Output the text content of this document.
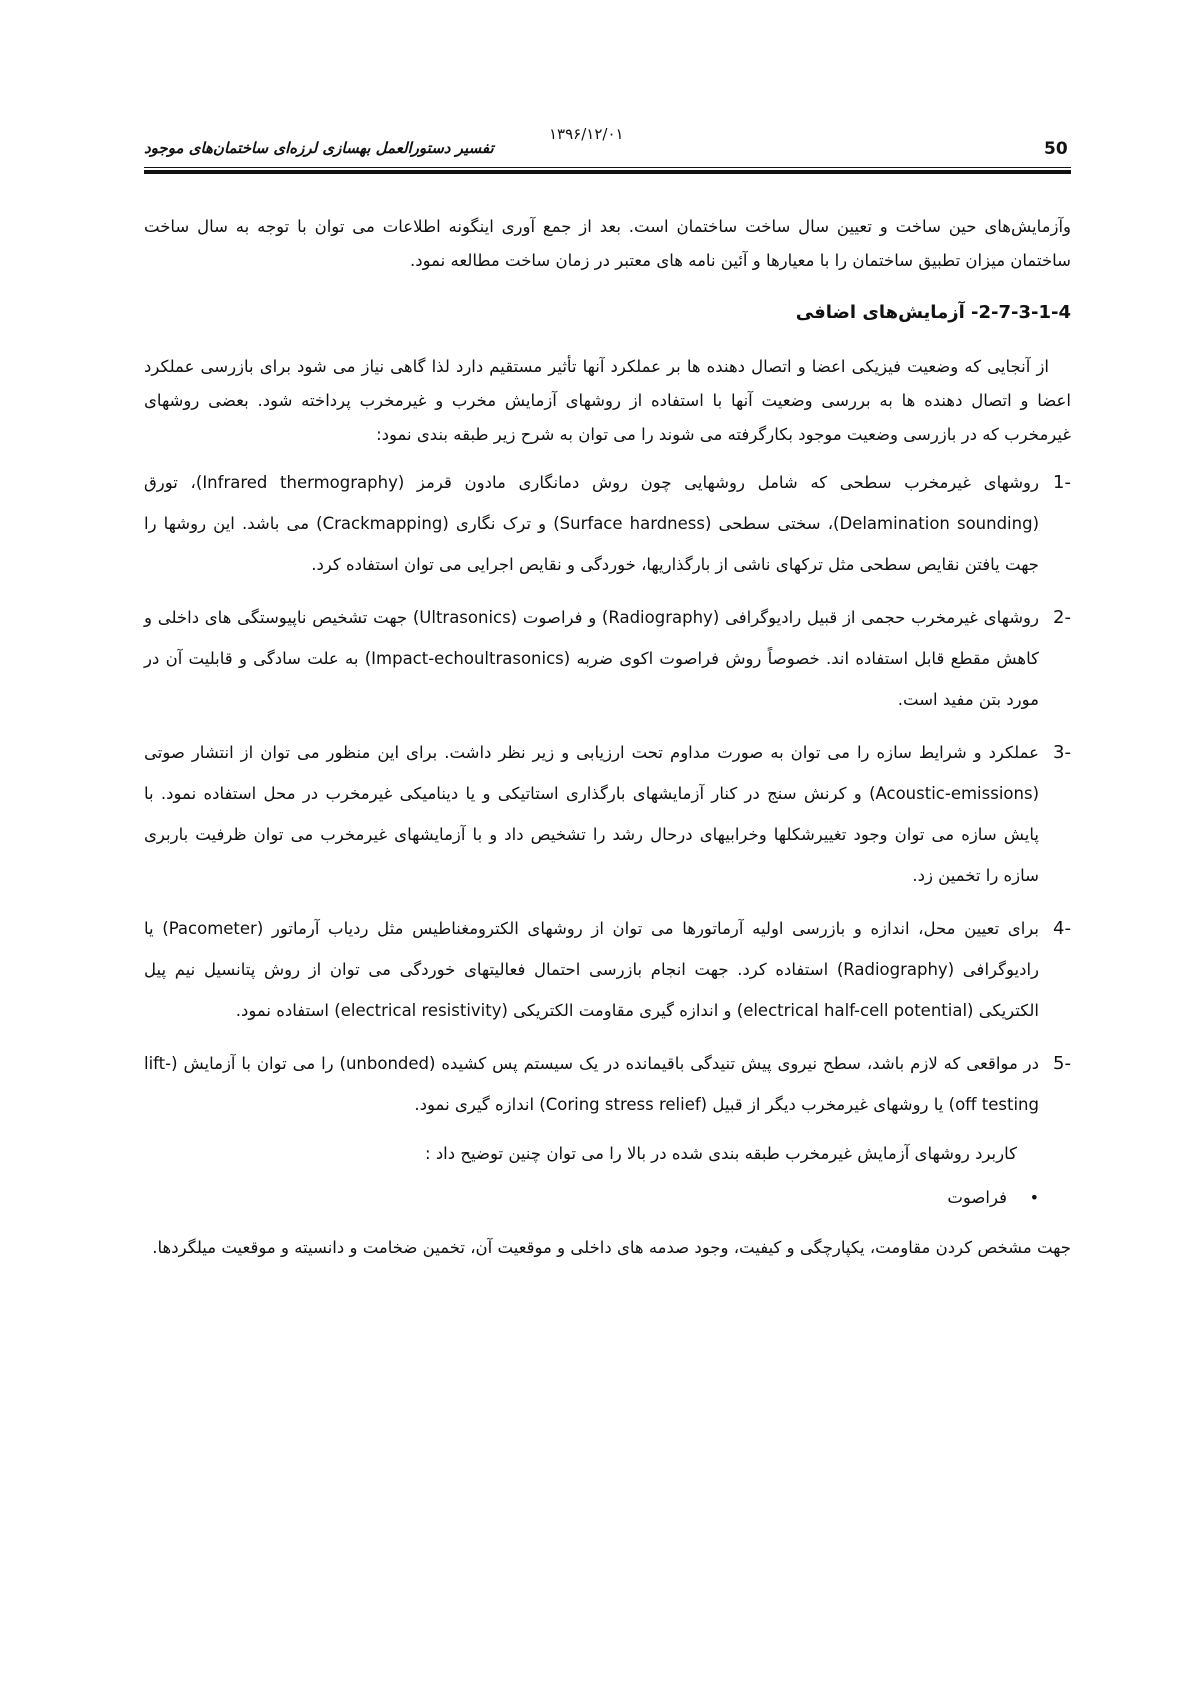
50
۱۳۹۶/۱۲/۰۱
تفسیر دستورالعمل بهسازی لرزه‌ای ساختمان‌های موجود

وآزمایش‌های حین ساخت و تعیین سال ساخت ساختمان است. بعد از جمع آوری اینگونه اطلاعات می توان با توجه به سال ساخت ساختمان میزان تطبیق ساختمان را با معیارها و آئین نامه های معتبر در زمان ساخت مطالعه نمود.

2-7-3-1-4- آزمایش‌های اضافی

از آنجایی که وضعیت فیزیکی اعضا و اتصال دهنده ها بر عملکرد آنها تأثیر مستقیم دارد لذا گاهی نیاز می شود برای بازرسی عملکرد اعضا و اتصال دهنده ها به بررسی وضعیت آنها با استفاده از روشهای آزمایش مخرب و غیرمخرب پرداخته شود. بعضی روشهای غیرمخرب که در بازرسی وضعیت موجود بکارگرفته می شوند را می توان به شرح زیر طبقه بندی نمود:

1-
روشهای غیرمخرب سطحی که شامل روشهایی چون روش دمانگاری مادون قرمز (Infrared thermography)، تورق (Delamination sounding)، سختی سطحی (Surface hardness) و ترک نگاری (Crackmapping) می باشد. این روشها را جهت یافتن نقایص سطحی مثل ترکهای ناشی از بارگذاریها، خوردگی و نقایص اجرایی می توان استفاده کرد.
2-
روشهای غیرمخرب حجمی از قبیل رادیوگرافی (Radiography) و فراصوت (Ultrasonics) جهت تشخیص ناپیوستگی های داخلی و کاهش مقطع قابل استفاده اند. خصوصاً روش فراصوت اکوی ضربه (Impact-echoultrasonics) به علت سادگی و قابلیت آن در مورد بتن مفید است.
3-
عملکرد و شرایط سازه را می توان به صورت مداوم تحت ارزیابی و زیر نظر داشت. برای این منظور می توان از انتشار صوتی (Acoustic-emissions) و کرنش سنج در کنار آزمایشهای بارگذاری استاتیکی و یا دینامیکی غیرمخرب در محل استفاده نمود. با پایش سازه می توان وجود تغییرشکلها وخرابیهای درحال رشد را تشخیص داد و با آزمایشهای غیرمخرب می توان ظرفیت باربری سازه را تخمین زد.
4-
برای تعیین محل، اندازه و بازرسی اولیه آرماتورها می توان از روشهای الکترومغناطیس مثل ردیاب آرماتور (Pacometer) یا رادیوگرافی (Radiography) استفاده کرد. جهت انجام بازرسی احتمال فعالیتهای خوردگی می توان از روش پتانسیل نیم پیل الکتریکی (electrical half-cell potential) و اندازه گیری مقاومت الکتریکی (electrical resistivity) استفاده نمود.
5-
در مواقعی که لازم باشد، سطح نیروی پیش تنیدگی باقیمانده در یک سیستم پس کشیده (unbonded) را می توان با آزمایش (lift-off testing) یا روشهای غیرمخرب دیگر از قبیل (Coring stress relief) اندازه گیری نمود.

کاربرد روشهای آزمایش غیرمخرب طبقه بندی شده در بالا را می توان چنین توضیح داد :

•
فراصوت

جهت مشخص کردن مقاومت، یکپارچگی و کیفیت، وجود صدمه های داخلی و موقعیت آن، تخمین ضخامت و دانسیته و موقعیت میلگردها.
